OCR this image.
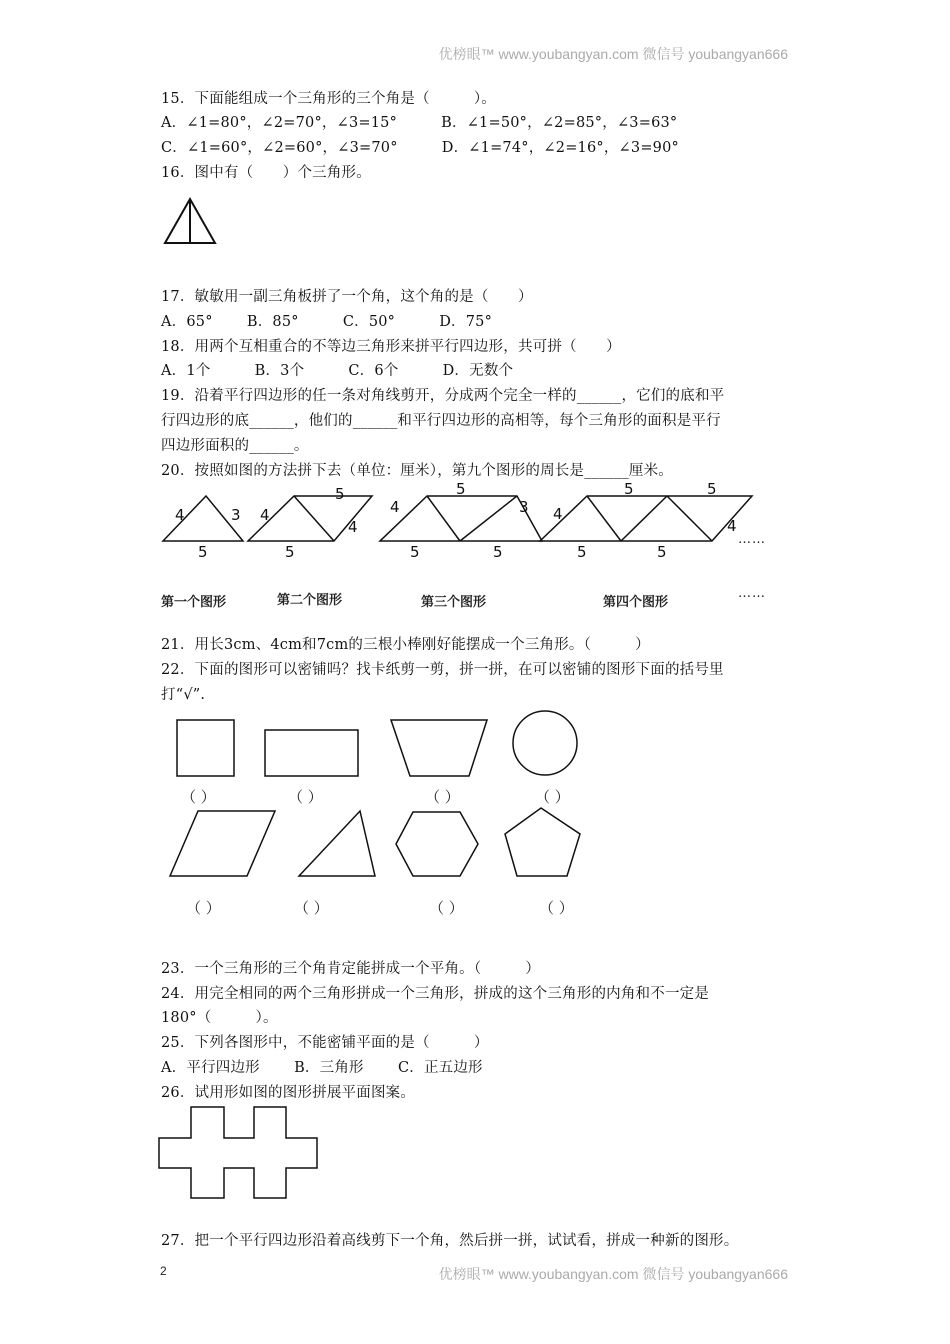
优榜眼™ www.youbangyan.com 微信号 youbangyan666
15．下面能组成一个三角形的三个角是（　　　）。
A．∠1=80°，∠2=70°，∠3=15°　　　B．∠1=50°，∠2=85°，∠3=63°
C．∠1=60°，∠2=60°，∠3=70°　　　D．∠1=74°，∠2=16°，∠3=90°
16．图中有（　　）个三角形。
17．敏敏用一副三角板拼了一个角，这个角的是（　　）
A．65°　　 B．85°　　　C．50°　　　D．75°
18．用两个互相重合的不等边三角形来拼平行四边形，共可拼（　　）
A．1个　　　B．3个　　　C．6个　　　D．无数个
19．沿着平行四边形的任一条对角线剪开，分成两个完全一样的______，它们的底和平
行四边形的底______，他们的______和平行四边形的高相等，每个三角形的面积是平行
四边形面积的______。
20．按照如图的方法拼下去（单位：厘米），第九个图形的周长是______厘米。
21．用长3cm、4cm和7cm的三根小棒刚好能摆成一个三角形。（　　　）
22．下面的图形可以密铺吗？找卡纸剪一剪，拼一拼，在可以密铺的图形下面的括号里
打“√”.
23．一个三角形的三个角肯定能拼成一个平角。（　　　）
24．用完全相同的两个三角形拼成一个三角形，拼成的这个三角形的内角和不一定是
180°（　　　）。
25．下列各图形中，不能密铺平面的是（　　　）
A．平行四边形　　 B．三角形　　 C．正五边形
26．试用形如图的图形拼展平面图案。
27．把一个平行四边形沿着高线剪下一个角，然后拼一拼，试试看，拼成一种新的图形。
4	3
5
4
5
4
5
4
5
3
5	5
4
5	5
4
5	5
第一个图形	第二个图形	第三个图形	第四个图形
……
……
（ ）	（ ）	（ ）	（ ）
（ ）	（ ）	（ ）	（ ）
2	优榜眼™ www.youbangyan.com 微信号 youbangyan666
